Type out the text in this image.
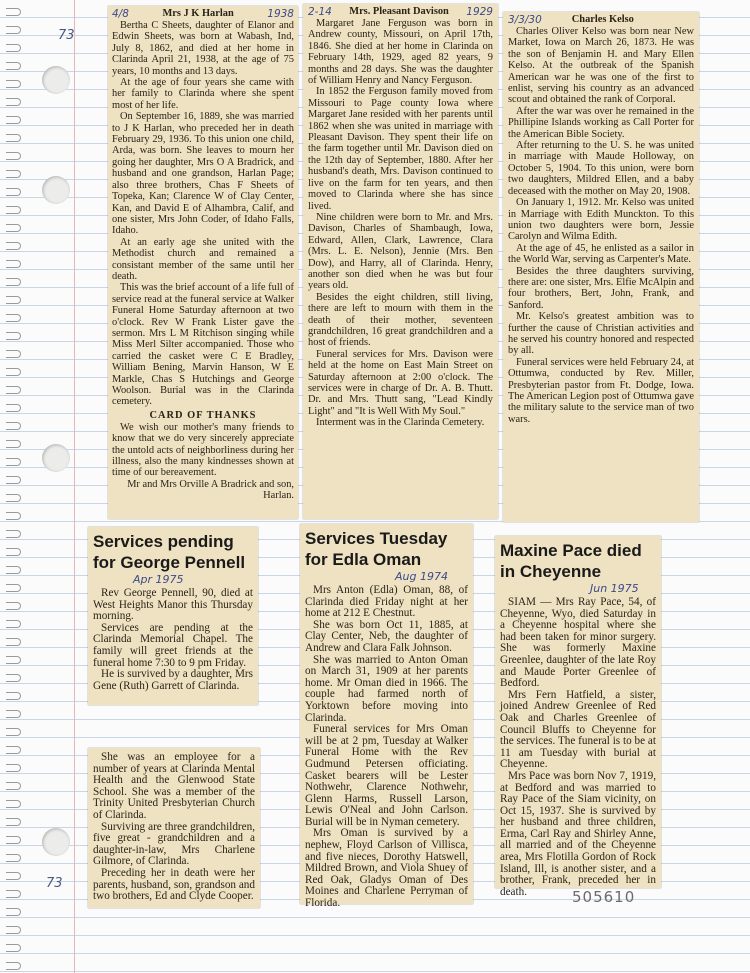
73
73
505610
4/8	Mrs J K Harlan	1938

Bertha C Sheets, daughter of Elanor and Edwin Sheets, was born at Wabash, Ind, July 8, 1862, and died at her home in Clarinda April 21, 1938, at the age of 75 years, 10 months and 13 days.

At the age of four years she came with her family to Clarinda where she spent most of her life.

On September 16, 1889, she was married to J K Harlan, who preceded her in death February 29, 1936. To this union one child, Arda, was born. She leaves to mourn her going her daughter, Mrs O A Bradrick, and husband and one grandson, Harlan Page; also three brothers, Chas F Sheets of Topeka, Kan; Clarence W of Clay Center, Kan, and David E of Alhambra, Calif, and one sister, Mrs John Coder, of Idaho Falls, Idaho.

At an early age she united with the Methodist church and remained a consistant member of the same until her death.

This was the brief account of a life full of service read at the funeral service at Walker Funeral Home Saturday afternoon at two o'clock. Rev W Frank Lister gave the sermon. Mrs L M Ritchison singing while Miss Merl Silter accompanied. Those who carried the casket were C E Bradley, William Bening, Marvin Hanson, W E Markle, Chas S Hutchings and George Woolson. Burial was in the Clarinda cemetery.

CARD OF THANKS

We wish our mother's many friends to know that we do very sincerely appreciate the untold acts of neighborliness during her illness, also the many kindnesses shown at time of our bereavement.

Mr and Mrs Orville A Bradrick and son, Harlan.

2-14 Mrs. Pleasant Davison 1929

Margaret Jane Ferguson was born in Andrew county, Missouri, on April 17th, 1846. She died at her home in Clarinda on February 14th, 1929, aged 82 years, 9 months and 28 days. She was the daughter of William Henry and Nancy Ferguson.

In 1852 the Ferguson family moved from Missouri to Page county Iowa where Margaret Jane resided with her parents until 1862 when she was united in marriage with Pleasant Davison. They spent their life on the farm together until Mr. Davison died on the 12th day of September, 1880. After her husband's death, Mrs. Davison continued to live on the farm for ten years, and then moved to Clarinda where she has since lived.

Nine children were born to Mr. and Mrs. Davison, Charles of Shambaugh, Iowa, Edward, Allen, Clark, Lawrence, Clara (Mrs. L. E. Nelson), Jennie (Mrs. Ben Dow), and Harry, all of Clarinda. Henry, another son died when he was but four years old.

Besides the eight children, still living, there are left to mourn with them in the death of their mother, seventeen grandchildren, 16 great grandchildren and a host of friends.

Funeral services for Mrs. Davison were held at the home on East Main Street on Saturday afternoon at 2:00 o'clock. The services were in charge of Dr. A. B. Thutt. Dr. and Mrs. Thutt sang, "Lead Kindly Light" and "It is Well With My Soul."

Interment was in the Clarinda Cemetery.

3/3/30	Charles Kelso

Charles Oliver Kelso was born near New Market, Iowa on March 26, 1873. He was the son of Benjamin H. and Mary Ellen Kelso. At the outbreak of the Spanish American war he was one of the first to enlist, serving his country as an advanced scout and obtained the rank of Corporal.

After the war was over he remained in the Phillipine Islands working as Call Porter for the American Bible Society.

After returning to the U. S. he was united in marriage with Maude Holloway, on October 5, 1904. To this union, were born two daughters, Mildred Ellen, and a baby deceased with the mother on May 20, 1908.

On January 1, 1912. Mr. Kelso was united in Marriage with Edith Munckton. To this union two daughters were born, Jessie Carolyn and Wilma Edith.

At the age of 45, he enlisted as a sailor in the World War, serving as Carpenter's Mate.

Besides the three daughters surviving, there are: one sister, Mrs. Elfie McAlpin and four brothers, Bert, John, Frank, and Sanford.

Mr. Kelso's greatest ambition was to further the cause of Christian activities and he served his country honored and respected by all.

Funeral services were held February 24, at Ottumwa, conducted by Rev. Miller, Presbyterian pastor from Ft. Dodge, Iowa. The American Legion post of Ottumwa gave the military salute to the service man of two wars.

Services pending for George Pennell
Apr 1975

Rev George Pennell, 90, died at West Heights Manor this Thursday morning.

Services are pending at the Clarinda Memorial Chapel. The family will greet friends at the funeral home 7:30 to 9 pm Friday.

He is survived by a daughter, Mrs Gene (Ruth) Garrett of Clarinda.

She was an employee for a number of years at Clarinda Mental Health and the Glenwood State School. She was a member of the Trinity United Presbyterian Church of Clarinda.

Surviving are three grandchildren, five great - grandchildren and a daughter-in-law, Mrs Charlene Gilmore, of Clarinda.

Preceding her in death were her parents, husband, son, grandson and two brothers, Ed and Clyde Cooper.

Services Tuesday for Edla Oman
Aug 1974

Mrs Anton (Edla) Oman, 88, of Clarinda died Friday night at her home at 212 E Chestnut.

She was born Oct 11, 1885, at Clay Center, Neb, the daughter of Andrew and Clara Falk Johnson.

She was married to Anton Oman on March 31, 1909 at her parents home. Mr Oman died in 1966. The couple had farmed north of Yorktown before moving into Clarinda.

Funeral services for Mrs Oman will be at 2 pm, Tuesday at Walker Funeral Home with the Rev Gudmund Petersen officiating. Casket bearers will be Lester Nothwehr, Clarence Nothwehr, Glenn Harms, Russell Larson, Lewis O'Neal and John Carlson. Burial will be in Nyman cemetery.

Mrs Oman is survived by a nephew, Floyd Carlson of Villisca, and five nieces, Dorothy Hatswell, Mildred Brown, and Viola Shuey of Red Oak, Gladys Oman of Des Moines and Charlene Perryman of Florida.

Maxine Pace died in Cheyenne
Jun 1975

SIAM — Mrs Ray Pace, 54, of Cheyenne, Wyo, died Saturday in a Cheyenne hospital where she had been taken for minor surgery. She was formerly Maxine Greenlee, daughter of the late Roy and Maude Porter Greenlee of Bedford.

Mrs Fern Hatfield, a sister, joined Andrew Greenlee of Red Oak and Charles Greenlee of Council Bluffs to Cheyenne for the services. The funeral is to be at 11 am Tuesday with burial at Cheyenne.

Mrs Pace was born Nov 7, 1919, at Bedford and was married to Ray Pace of the Siam vicinity, on Oct 15, 1937. She is survived by her husband and three children, Erma, Carl Ray and Shirley Anne, all married and of the Cheyenne area, Mrs Flotilla Gordon of Rock Island, Ill, is another sister, and a brother, Frank, preceded her in death.
